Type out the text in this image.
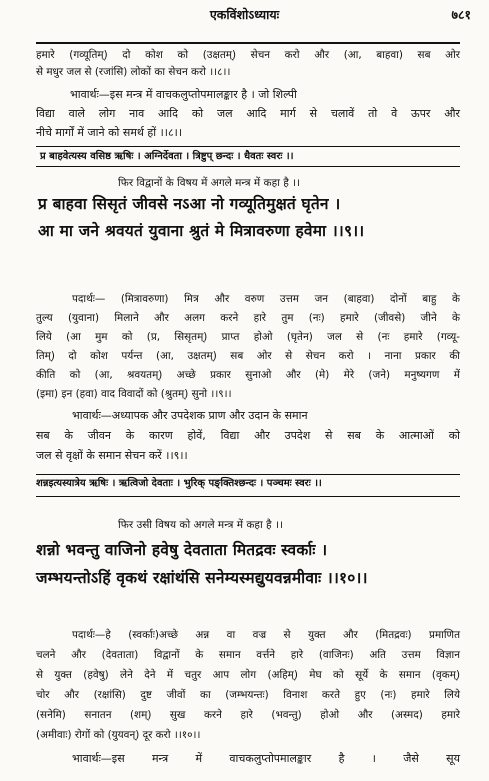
एकविंशोऽध्यायः	७८१
हमारे (गव्यूतिम्) दो कोश को (उक्षतम्) सेचन करो और (आ, बाहवा) सब ओर
से मधुर जल से (रजांसि) लोकों का सेचन करो ।।८।।
भावार्थः—इस मन्त्र में वाचकलुप्तोपमालङ्कार है । जो शिल्पी
विद्या वाले लोग नाव आदि को जल आदि मार्ग से चलावें तो वे ऊपर और
नीचे मार्गों में जाने को समर्थ हों ।।८।।
प्र बाहवेत्यस्य वसिष्ठ ऋषिः । अग्निर्देवता । त्रिष्टुप् छन्दः । धैवतः स्वरः ।।
फिर विद्वानों के विषय में अगले मन्त्र में कहा है ।।
प्र बाहवा सिसृतं जीवसे नऽआ नो गव्यूतिमुक्षतं घृतेन ।
आ मा जने श्रवयतं युवाना श्रुतं मे मित्रावरुणा हवेमा ।।९।।
पदार्थः— (मित्रावरुणा) मित्र और वरुण उत्तम जन (बाहवा) दोनों बाहु के
तुल्य (युवाना) मिलाने और अलग करने हारे तुम (नः) हमारे (जीवसे) जीने के
लिये (आ मुम को (प्र, सिसृतम्) प्राप्त होओ (घृतेन) जल से (नः हमारे (गव्यू-
तिम्) दो कोश पर्यन्त (आ, उक्षतम्) सब ओर से सेचन करो । नाना प्रकार की
कीति को (आ, श्रवयतम्) अच्छे प्रकार सुनाओ और (मे) मेरे (जने) मनुष्यगण में
(इमा) इन (हवा) वाद विवादों को (श्रुतम्) सुनो ।।९।।
भावार्थः—अध्यापक और उपदेशक प्राण और उदान के समान
सब के जीवन के कारण होवें, विद्या और उपदेश से सब के आत्माओं को
जल से वृक्षों के समान सेचन करें ।।९।।
शन्नइत्यस्यात्रेय ऋषिः । ऋत्विजो देवताः । भुरिक् पङ्क्तिश्छन्दः । पञ्चमः स्वरः ।।
फिर उसी विषय को अगले मन्त्र में कहा है ।।
शन्नो भवन्तु वाजिनो हवेषु देवताता मितद्रवः स्वर्काः ।
जम्भयन्तोऽहिं वृकथं रक्षांथंसि सनेम्यस्मद्युयवन्नमीवाः ।।१०।।
पदार्थः—हे (स्वर्काः)अच्छे अन्न वा वज्र से युक्त और (मितद्रवः) प्रमाणित
चलने और (देवताता) विद्वानों के समान वर्त्तने हारे (वाजिनः) अति उत्तम विज्ञान
से युक्त (हवेषु) लेने देने में चतुर आप लोग (अहिम्) मेघ को सूर्ये के समान (वृकम्)
चोर और (रक्षांसि) दुष्ट जीवों का (जम्भयन्तः) विनाश करते हुए (नः) हमारे लिये
(सनेमि) सनातन (शम्) सुख करने हारे (भवन्तु) होओ और (अस्मद) हमारे
(अमीवाः) रोगों को (युयवन्) दूर करो ।।१०।।
भावार्थः—इस मन्त्र में वाचकलुप्तोपमालङ्कार है । जैसे सूय
